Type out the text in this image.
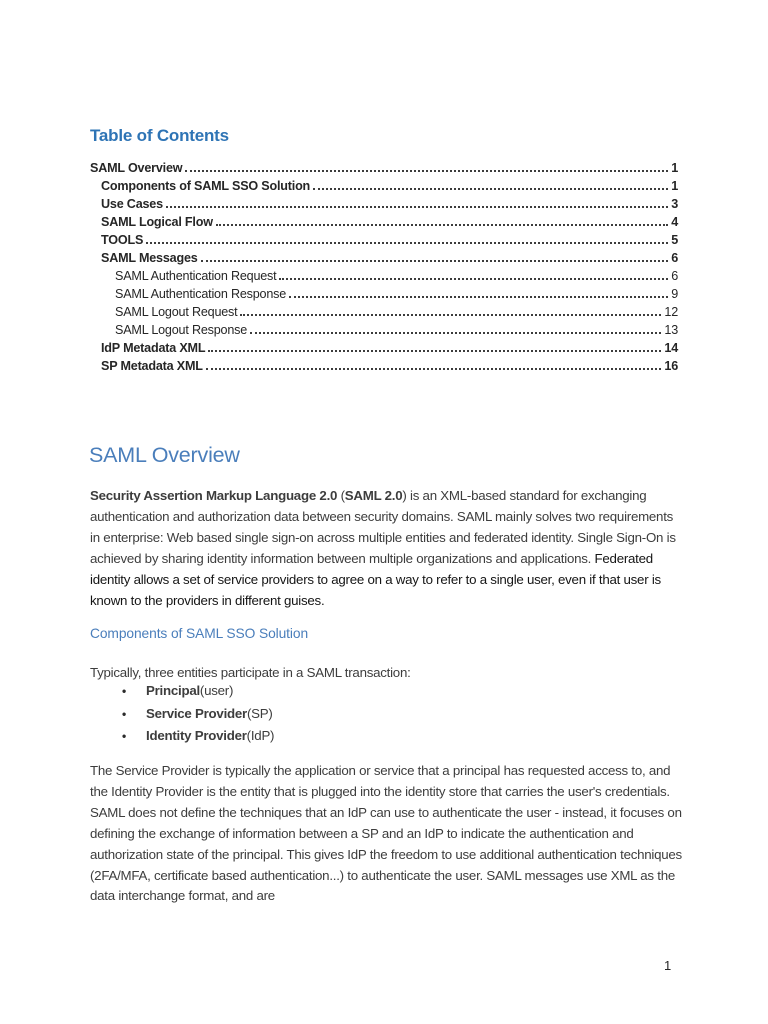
Table of Contents
SAML Overview	1
Components of SAML SSO Solution	1
Use Cases	3
SAML Logical Flow	4
TOOLS	5
SAML Messages	6
SAML Authentication Request	6
SAML Authentication Response	9
SAML Logout Request	12
SAML Logout Response	13
IdP Metadata XML	14
SP Metadata XML	16
SAML Overview

Security Assertion Markup Language 2.0 (SAML 2.0) is an XML-based standard for exchanging authentication and authorization data between security domains. SAML mainly solves two requirements in enterprise: Web based single sign-on across multiple entities and federated identity. Single Sign-On is achieved by sharing identity information between multiple organizations and applications. Federated identity allows a set of service providers to agree on a way to refer to a single user, even if that user is known to the providers in different guises.

Components of SAML SSO Solution

Typically, three entities participate in a SAML transaction:

•	Principal (user)
•	Service Provider (SP)
•	Identity Provider (IdP)

The Service Provider is typically the application or service that a principal has requested access to, and the Identity Provider is the entity that is plugged into the identity store that carries the user's credentials. SAML does not define the techniques that an IdP can use to authenticate the user - instead, it focuses on defining the exchange of information between a SP and an IdP to indicate the authentication and authorization state of the principal. This gives IdP the freedom to use additional authentication techniques (2FA/MFA, certificate based authentication...) to authenticate the user. SAML messages use XML as the data interchange format, and are

1
